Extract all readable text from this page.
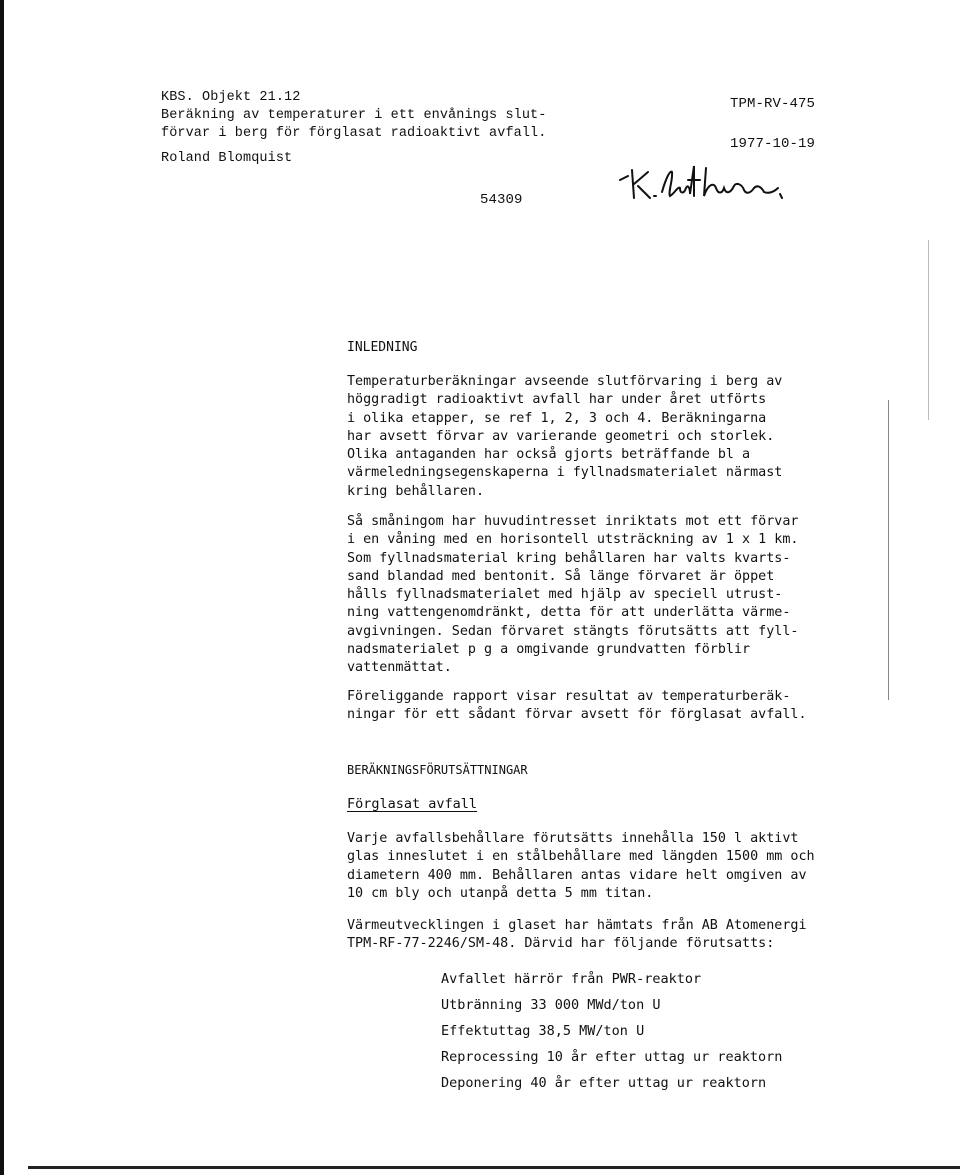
KBS. Objekt 21.12
Beräkning av temperaturer i ett envånings slut-
förvar i berg för förglasat radioaktivt avfall.
Roland Blomquist
TPM-RV-475
1977-10-19
54309
INLEDNING
Temperaturberäkningar avseende slutförvaring i berg av
höggradigt radioaktivt avfall har under året utförts
i olika etapper, se ref 1, 2, 3 och 4. Beräkningarna
har avsett förvar av varierande geometri och storlek.
Olika antaganden har också gjorts beträffande bl a
värmeledningsegenskaperna i fyllnadsmaterialet närmast
kring behållaren.
Så småningom har huvudintresset inriktats mot ett förvar
i en våning med en horisontell utsträckning av 1 x 1 km.
Som fyllnadsmaterial kring behållaren har valts kvarts-
sand blandad med bentonit. Så länge förvaret är öppet
hålls fyllnadsmaterialet med hjälp av speciell utrust-
ning vattengenomdränkt, detta för att underlätta värme-
avgivningen. Sedan förvaret stängts förutsätts att fyll-
nadsmaterialet p g a omgivande grundvatten förblir
vattenmättat.
Föreliggande rapport visar resultat av temperaturberäk-
ningar för ett sådant förvar avsett för förglasat avfall.
BERÄKNINGSFÖRUTSÄTTNINGAR
Förglasat avfall
Varje avfallsbehållare förutsätts innehålla 150 l aktivt
glas inneslutet i en stålbehållare med längden 1500 mm och
diametern 400 mm. Behållaren antas vidare helt omgiven av
10 cm bly och utanpå detta 5 mm titan.
Värmeutvecklingen i glaset har hämtats från AB Atomenergi
TPM-RF-77-2246/SM-48. Därvid har följande förutsatts:
Avfallet härrör från PWR-reaktor
Utbränning 33 000 MWd/ton U
Effektuttag 38,5 MW/ton U
Reprocessing 10 år efter uttag ur reaktorn
Deponering 40 år efter uttag ur reaktorn
